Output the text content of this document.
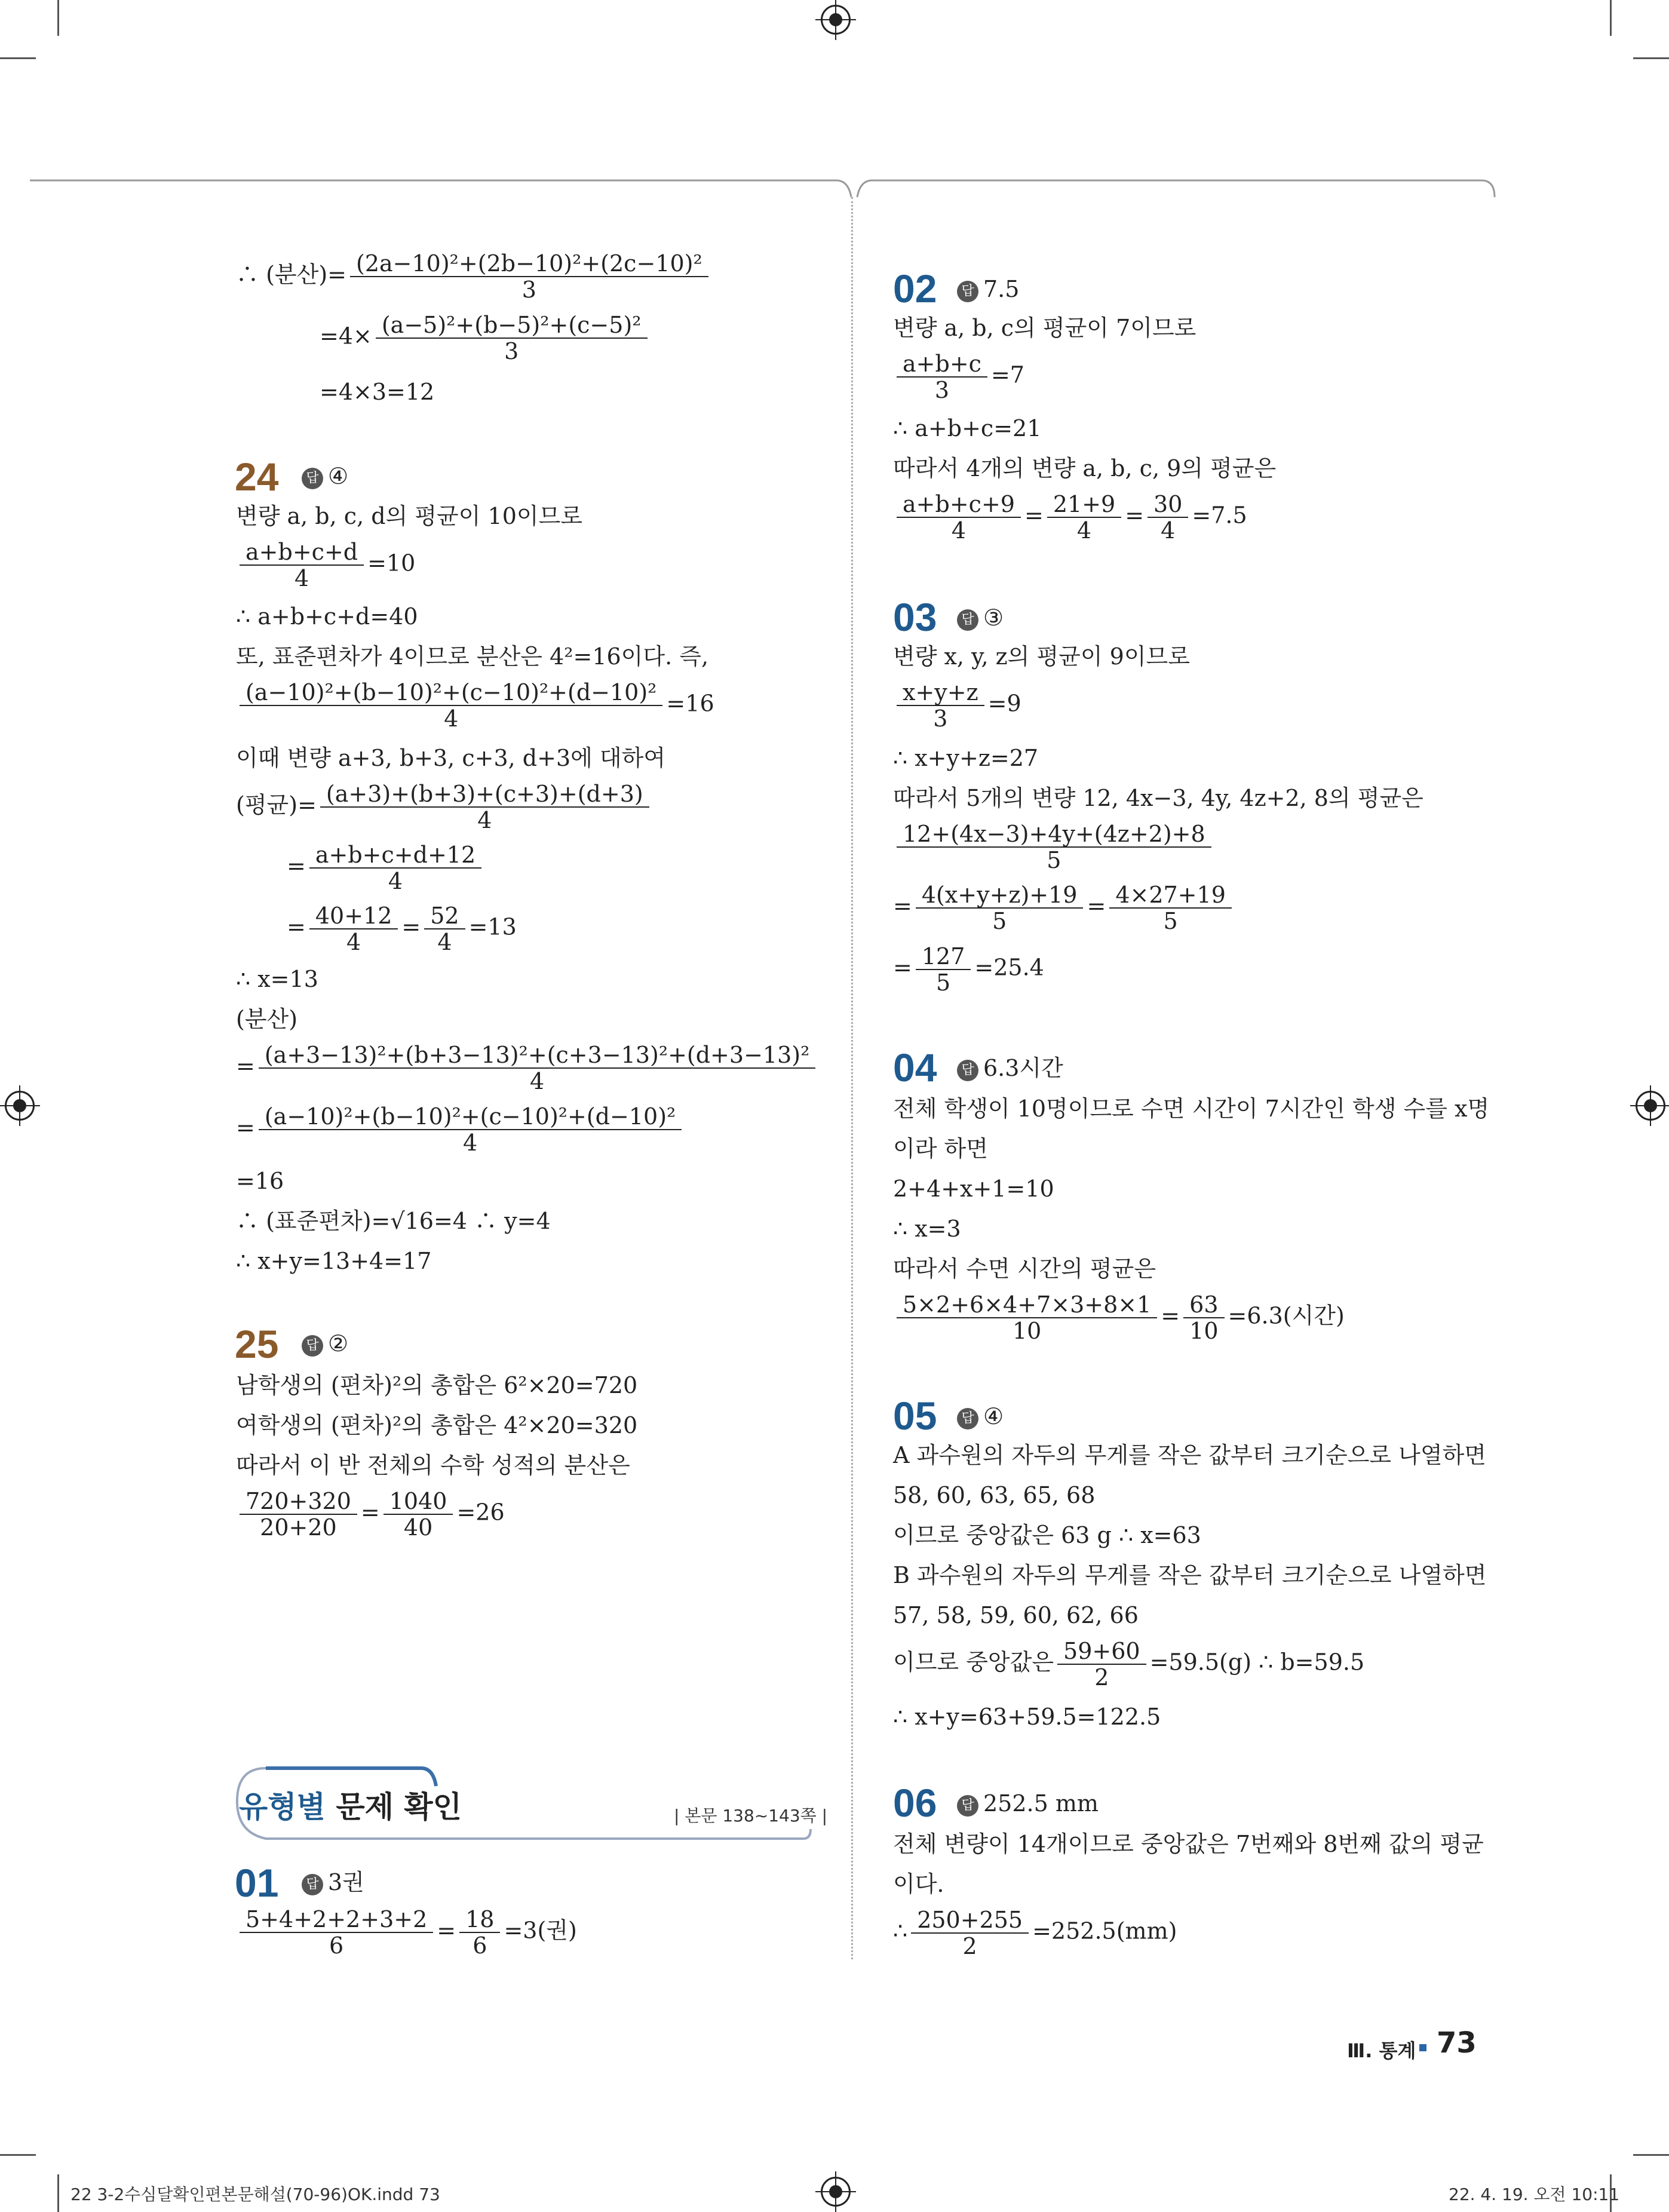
∴ (분산)= $\frac{\text{(2a−10)²+(2b−10)²+(2c−10)²}}{3}$
$=4\times \frac{\text{(a−5)²+(b−5)²+(c−5)²}}{3}$
=4×3=12
24	답 ④
변량 a, b, c, d의 평균이 10이므로
$\frac{a+b+c+d}{4} =10$
∴ a+b+c+d=40
또, 표준편차가 4이므로 분산은 4²=16이다. 즉,
$\frac{\text{(a−10)²+(b−10)²+(c−10)²+(d−10)²}}{4} =16$
이때 변량 a+3, b+3, c+3, d+3에 대하여
(평균)= $\frac{(a+3)+(b+3)+(c+3)+(d+3)}{4}$
= $\frac{a+b+c+d+12}{4}$
= $\frac{40+12}{4} = \frac{52}{4} =13$
∴ x=13
(분산)
= $\frac{\text{(a+3−13)²+(b+3−13)²+(c+3−13)²+(d+3−13)²}}{4}$
= $\frac{\text{(a−10)²+(b−10)²+(c−10)²+(d−10)²}}{4}$
=16
∴ (표준편차)=√16=4 ∴ y=4
∴ x+y=13+4=17
25	답 ②
남학생의 (편차)²의 총합은 6²×20=720
여학생의 (편차)²의 총합은 4²×20=320
따라서 이 반 전체의 수학 성적의 분산은
$\frac{720+320}{20+20} = \frac{1040}{40} =26$
유형별 문제 확인	| 본문 138~143쪽 |
01	답 3권
$\frac{5+4+2+2+3+2}{6} = \frac{18}{6} =3$(권)
02	답 7.5
변량 a, b, c의 평균이 7이므로
$\frac{a+b+c}{3} =7$
∴ a+b+c=21
따라서 4개의 변량 a, b, c, 9의 평균은
$\frac{a+b+c+9}{4} = \frac{21+9}{4} = \frac{30}{4} =7.5$
03	답 ③
변량 x, y, z의 평균이 9이므로
$\frac{x+y+z}{3} =9$
∴ x+y+z=27
따라서 5개의 변량 12, 4x−3, 4y, 4z+2, 8의 평균은
$\frac{12+(4x-3)+4y+(4z+2)+8}{5}$
= $\frac{4(x+y+z)+19}{5} = \frac{4\times 27+19}{5}$
= $\frac{127}{5} =25.4$
04	답 6.3시간
전체 학생이 10명이므로 수면 시간이 7시간인 학생 수를 x명
이라 하면
2+4+x+1=10
∴ x=3
따라서 수면 시간의 평균은
$\frac{5\times 2+6\times 4+7\times 3+8\times 1}{10} = \frac{63}{10} =6.3$(시간)
05	답 ④
A 과수원의 자두의 무게를 작은 값부터 크기순으로 나열하면
58, 60, 63, 65, 68
이므로 중앙값은 63 g ∴ x=63
B 과수원의 자두의 무게를 작은 값부터 크기순으로 나열하면
57, 58, 59, 60, 62, 66
이므로 중앙값은 $\frac{59+60}{2} =59.5(g)$ ∴ b=59.5
∴ x+y=63+59.5=122.5
06	답 252.5 mm
전체 변량이 14개이므로 중앙값은 7번째와 8번째 값의 평균
이다.
∴ $\frac{250+255}{2} =252.5(mm)$
Ⅲ. 통계 73
22 3-2수심달확인편본문해설(70-96)OK.indd 73	22. 4. 19. 오전 10:11
